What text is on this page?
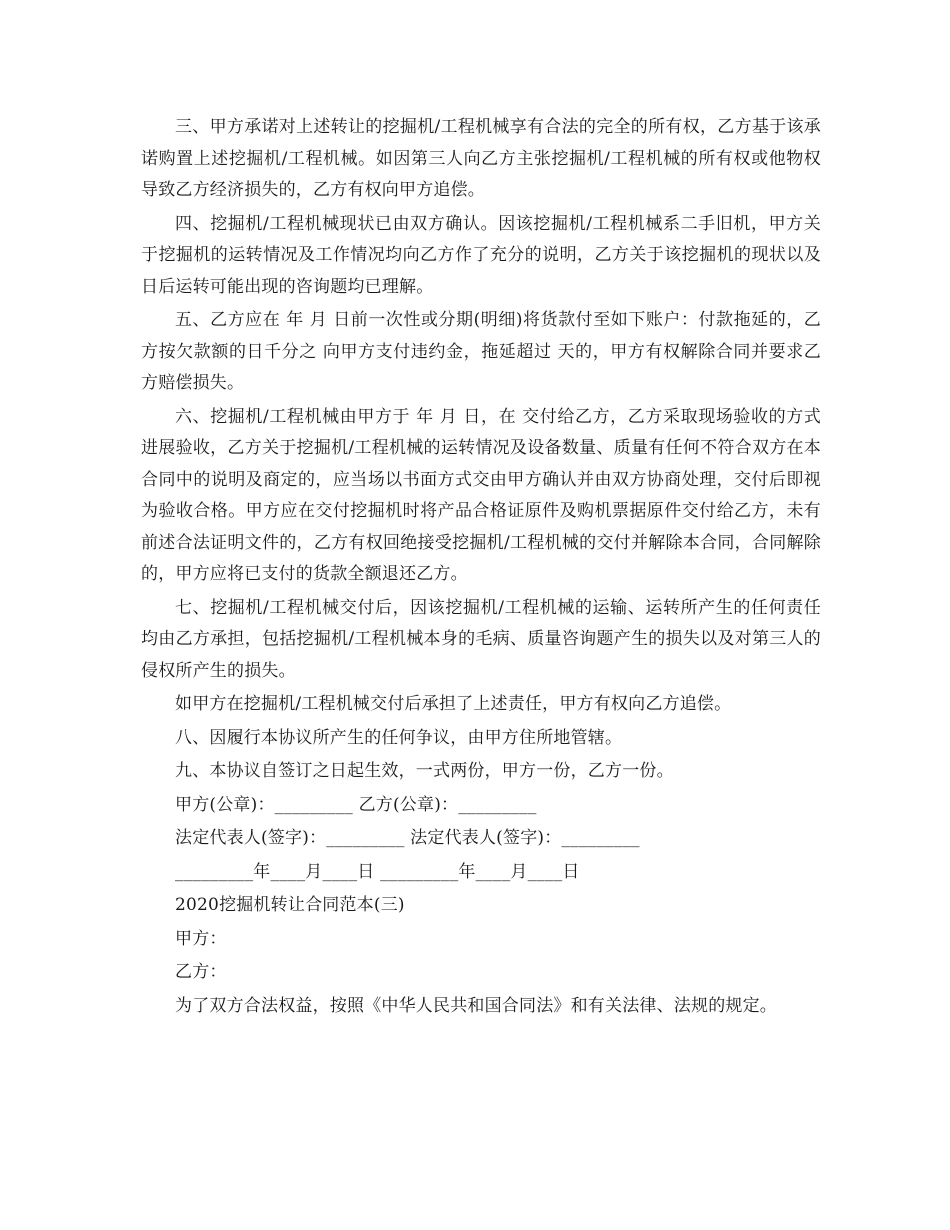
三、甲方承诺对上述转让的挖掘机/工程机械享有合法的完全的所有权，乙方基于该承诺购置上述挖掘机/工程机械。如因第三人向乙方主张挖掘机/工程机械的所有权或他物权导致乙方经济损失的，乙方有权向甲方追偿。

四、挖掘机/工程机械现状已由双方确认。因该挖掘机/工程机械系二手旧机，甲方关于挖掘机的运转情况及工作情况均向乙方作了充分的说明，乙方关于该挖掘机的现状以及日后运转可能出现的咨询题均已理解。

五、乙方应在 年 月 日前一次性或分期(明细)将货款付至如下账户：付款拖延的，乙方按欠款额的日千分之 向甲方支付违约金，拖延超过 天的，甲方有权解除合同并要求乙方赔偿损失。

六、挖掘机/工程机械由甲方于 年 月 日，在 交付给乙方，乙方采取现场验收的方式进展验收，乙方关于挖掘机/工程机械的运转情况及设备数量、质量有任何不符合双方在本合同中的说明及商定的，应当场以书面方式交由甲方确认并由双方协商处理，交付后即视为验收合格。甲方应在交付挖掘机时将产品合格证原件及购机票据原件交付给乙方，未有前述合法证明文件的，乙方有权回绝接受挖掘机/工程机械的交付并解除本合同，合同解除的，甲方应将已支付的货款全额退还乙方。

七、挖掘机/工程机械交付后，因该挖掘机/工程机械的运输、运转所产生的任何责任均由乙方承担，包括挖掘机/工程机械本身的毛病、质量咨询题产生的损失以及对第三人的侵权所产生的损失。

如甲方在挖掘机/工程机械交付后承担了上述责任，甲方有权向乙方追偿。

八、因履行本协议所产生的任何争议，由甲方住所地管辖。

九、本协议自签订之日起生效，一式两份，甲方一份，乙方一份。

甲方(公章)：_________ 乙方(公章)：_________

法定代表人(签字)：_________ 法定代表人(签字)：_________

_________年____月____日 _________年____月____日

2020挖掘机转让合同范本(三)

甲方：

乙方：

为了双方合法权益，按照《中华人民共和国合同法》和有关法律、法规的规定。
